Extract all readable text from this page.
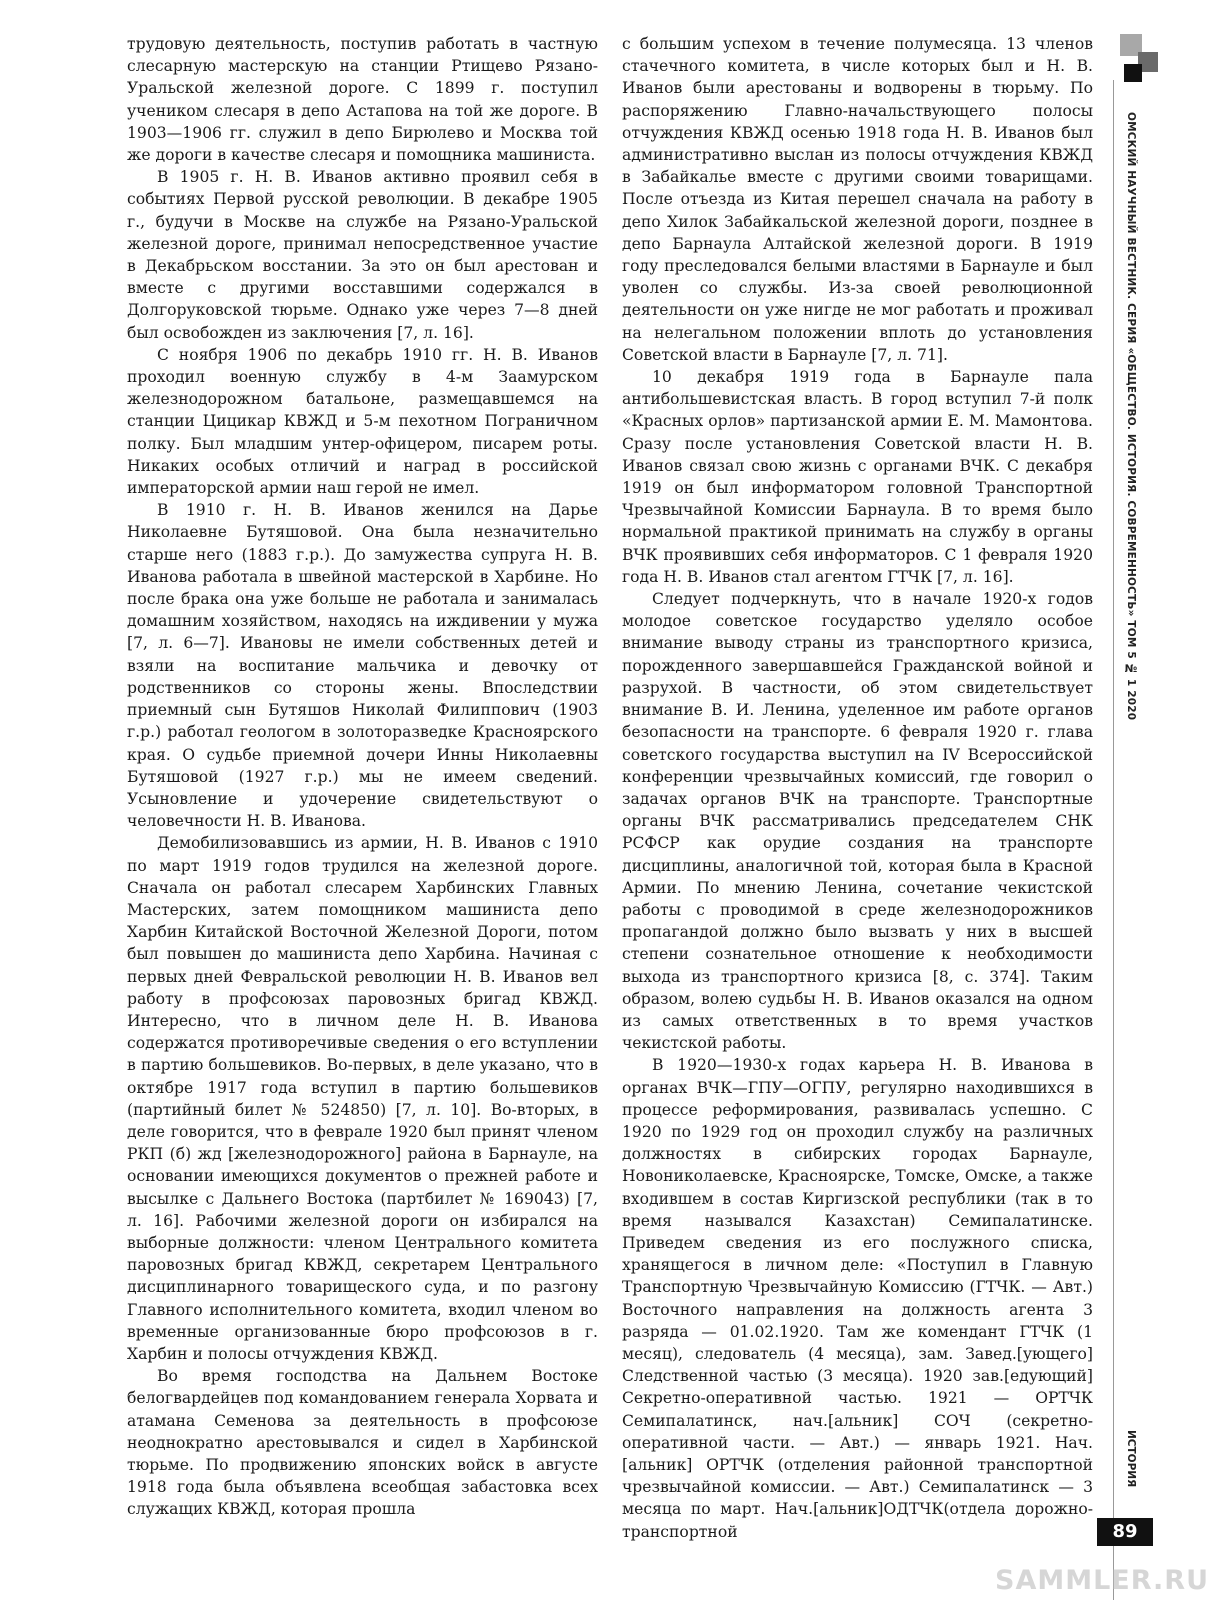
трудовую деятельность, поступив работать в частную слесарную мастерскую на станции Ртищево Рязано-Уральской железной дороге. С 1899 г. поступил учеником слесаря в депо Астапова на той же дороге. В 1903—1906 гг. служил в депо Бирюлево и Москва той же дороги в качестве слесаря и помощника машиниста.

В 1905 г. Н. В. Иванов активно проявил себя в событиях Первой русской революции. В декабре 1905 г., будучи в Москве на службе на Рязано-Уральской железной дороге, принимал непосредственное участие в Декабрьском восстании. За это он был арестован и вместе с другими восставшими содержался в Долгоруковской тюрьме. Однако уже через 7—8 дней был освобожден из заключения [7, л. 16].

С ноября 1906 по декабрь 1910 гг. Н. В. Иванов проходил военную службу в 4-м Заамурском железнодорожном батальоне, размещавшемся на станции Цицикар КВЖД и 5-м пехотном Пограничном полку. Был младшим унтер-офицером, писарем роты. Никаких особых отличий и наград в российской императорской армии наш герой не имел.

В 1910 г. Н. В. Иванов женился на Дарье Николаевне Бутяшовой. Она была незначительно старше него (1883 г.р.). До замужества супруга Н. В. Иванова работала в швейной мастерской в Харбине. Но после брака она уже больше не работала и занималась домашним хозяйством, находясь на иждивении у мужа [7, л. 6—7]. Ивановы не имели собственных детей и взяли на воспитание мальчика и девочку от родственников со стороны жены. Впоследствии приемный сын Бутяшов Николай Филиппович (1903 г.р.) работал геологом в золоторазведке Красноярского края. О судьбе приемной дочери Инны Николаевны Бутяшовой (1927 г.р.) мы не имеем сведений. Усыновление и удочерение свидетельствуют о человечности Н. В. Иванова.

Демобилизовавшись из армии, Н. В. Иванов с 1910 по март 1919 годов трудился на железной дороге. Сначала он работал слесарем Харбинских Главных Мастерских, затем помощником машиниста депо Харбин Китайской Восточной Железной Дороги, потом был повышен до машиниста депо Харбина. Начиная с первых дней Февральской революции Н. В. Иванов вел работу в профсоюзах паровозных бригад КВЖД. Интересно, что в личном деле Н. В. Иванова содержатся противоречивые сведения о его вступлении в партию большевиков. Во-первых, в деле указано, что в октябре 1917 года вступил в партию большевиков (партийный билет № 524850) [7, л. 10]. Во-вторых, в деле говорится, что в феврале 1920 был принят членом РКП (б) жд [железнодорожного] района в Барнауле, на основании имеющихся документов о прежней работе и высылке с Дальнего Востока (партбилет № 169043) [7, л. 16]. Рабочими железной дороги он избирался на выборные должности: членом Центрального комитета паровозных бригад КВЖД, секретарем Центрального дисциплинарного товарищеского суда, и по разгону Главного исполнительного комитета, входил членом во временные организованные бюро профсоюзов в г. Харбин и полосы отчуждения КВЖД.

Во время господства на Дальнем Востоке белогвардейцев под командованием генерала Хорвата и атамана Семенова за деятельность в профсоюзе неоднократно арестовывался и сидел в Харбинской тюрьме. По продвижению японских войск в августе 1918 года была объявлена всеобщая забастовка всех служащих КВЖД, которая прошла

с большим успехом в течение полумесяца. 13 членов стачечного комитета, в числе которых был и Н. В. Иванов были арестованы и водворены в тюрьму. По распоряжению Главно-начальствующего полосы отчуждения КВЖД осенью 1918 года Н. В. Иванов был административно выслан из полосы отчуждения КВЖД в Забайкалье вместе с другими своими товарищами. После отъезда из Китая перешел сначала на работу в депо Хилок Забайкальской железной дороги, позднее в депо Барнаула Алтайской железной дороги. В 1919 году преследовался белыми властями в Барнауле и был уволен со службы. Из-за своей революционной деятельности он уже нигде не мог работать и проживал на нелегальном положении вплоть до установления Советской власти в Барнауле [7, л. 71].

10 декабря 1919 года в Барнауле пала антибольшевистская власть. В город вступил 7-й полк «Красных орлов» партизанской армии Е. М. Мамонтова. Сразу после установления Советской власти Н. В. Иванов связал свою жизнь с органами ВЧК. С декабря 1919 он был информатором головной Транспортной Чрезвычайной Комиссии Барнаула. В то время было нормальной практикой принимать на службу в органы ВЧК проявивших себя информаторов. С 1 февраля 1920 года Н. В. Иванов стал агентом ГТЧК [7, л. 16].

Следует подчеркнуть, что в начале 1920-х годов молодое советское государство уделяло особое внимание выводу страны из транспортного кризиса, порожденного завершавшейся Гражданской войной и разрухой. В частности, об этом свидетельствует внимание В. И. Ленина, уделенное им работе органов безопасности на транспорте. 6 февраля 1920 г. глава советского государства выступил на IV Всероссийской конференции чрезвычайных комиссий, где говорил о задачах органов ВЧК на транспорте. Транспортные органы ВЧК рассматривались председателем СНК РСФСР как орудие создания на транспорте дисциплины, аналогичной той, которая была в Красной Армии. По мнению Ленина, сочетание чекистской работы с проводимой в среде железнодорожников пропагандой должно было вызвать у них в высшей степени сознательное отношение к необходимости выхода из транспортного кризиса [8, с. 374]. Таким образом, волею судьбы Н. В. Иванов оказался на одном из самых ответственных в то время участков чекистской работы.

В 1920—1930-х годах карьера Н. В. Иванова в органах ВЧК—ГПУ—ОГПУ, регулярно находившихся в процессе реформирования, развивалась успешно. С 1920 по 1929 год он проходил службу на различных должностях в сибирских городах Барнауле, Новониколаевске, Красноярске, Томске, Омске, а также входившем в состав Киргизской республики (так в то время назывался Казахстан) Семипалатинске. Приведем сведения из его послужного списка, хранящегося в личном деле: «Поступил в Главную Транспортную Чрезвычайную Комиссию (ГТЧК. — Авт.) Восточного направления на должность агента 3 разряда — 01.02.1920. Там же комендант ГТЧК (1 месяц), следователь (4 месяца), зам. Завед.[ующего] Следственной частью (3 месяца). 1920 зав.[едующий] Секретно-оперативной частью. 1921 — ОРТЧК Семипалатинск, нач.[альник] СОЧ (секретно-оперативной части. — Авт.) — январь 1921. Нач.[альник] ОРТЧК (отделения районной транспортной чрезвычайной комиссии. — Авт.) Семипалатинск — 3 месяца по март. Нач.[альник]ОДТЧК(отдела дорожно-транспортной

ОМСКИЙ НАУЧНЫЙ ВЕСТНИК. СЕРИЯ «ОБЩЕСТВО. ИСТОРИЯ. СОВРЕМЕННОСТЬ» ТОМ 5 № 1 2020
ИСТОРИЯ
89
SAMMLER.RU
